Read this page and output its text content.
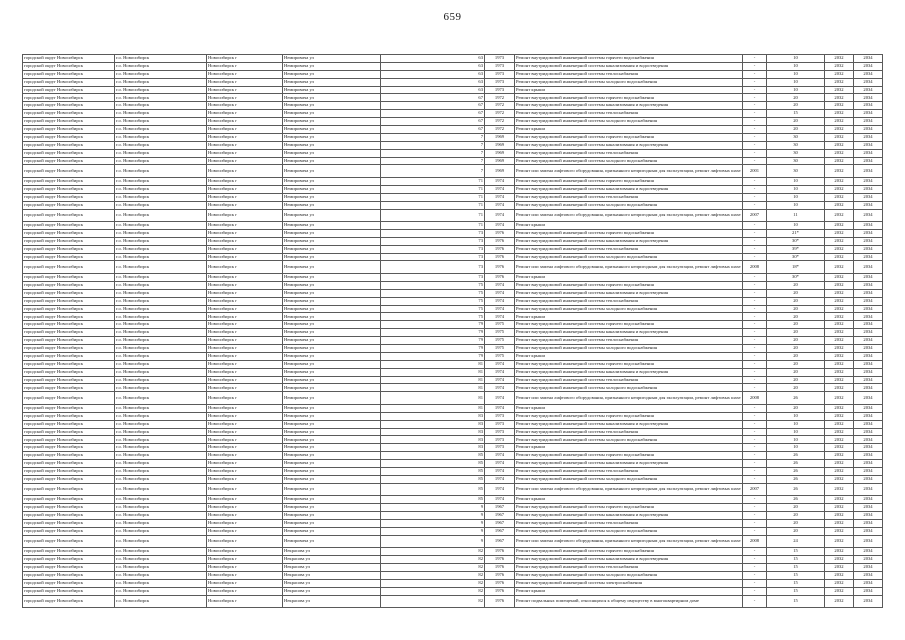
659
городской округ Новосибирск	г.о. Новосибирск	Новосибирск г	Немировича ул	63	1973	Ремонт внутридомовой инженерной системы горячего водоснабжения	-	10	2032	2034
городской округ Новосибирск	г.о. Новосибирск	Новосибирск г	Немировича ул	63	1973	Ремонт внутридомовой инженерной системы канализования и водоотведения	-	10	2032	2034
городской округ Новосибирск	г.о. Новосибирск	Новосибирск г	Немировича ул	63	1973	Ремонт внутридомовой инженерной системы теплоснабжения	-	10	2032	2034
городской округ Новосибирск	г.о. Новосибирск	Новосибирск г	Немировича ул	63	1973	Ремонт внутридомовой инженерной системы холодного водоснабжения	-	10	2032	2034
городской округ Новосибирск	г.о. Новосибирск	Новосибирск г	Немировича ул	63	1973	Ремонт крыши	-	10	2032	2034
городской округ Новосибирск	г.о. Новосибирск	Новосибирск г	Немировича ул	67	1972	Ремонт внутридомовой инженерной системы горячего водоснабжения	-	20	2032	2034
городской округ Новосибирск	г.о. Новосибирск	Новосибирск г	Немировича ул	67	1972	Ремонт внутридомовой инженерной системы канализования и водоотведения	-	20	2032	2034
городской округ Новосибирск	г.о. Новосибирск	Новосибирск г	Немировича ул	67	1972	Ремонт внутридомовой инженерной системы теплоснабжения	-	15	2032	2034
городской округ Новосибирск	г.о. Новосибирск	Новосибирск г	Немировича ул	67	1972	Ремонт внутридомовой инженерной системы холодного водоснабжения	-	20	2032	2034
городской округ Новосибирск	г.о. Новосибирск	Новосибирск г	Немировича ул	67	1972	Ремонт крыши	-	20	2032	2034
городской округ Новосибирск	г.о. Новосибирск	Новосибирск г	Немировича ул	7	1969	Ремонт внутридомовой инженерной системы горячего водоснабжения	-	30	2032	2034
городской округ Новосибирск	г.о. Новосибирск	Новосибирск г	Немировича ул	7	1969	Ремонт внутридомовой инженерной системы канализования и водоотведения	-	30	2032	2034
городской округ Новосибирск	г.о. Новосибирск	Новосибирск г	Немировича ул	7	1969	Ремонт внутридомовой инженерной системы теплоснабжения	-	30	2032	2034
городской округ Новосибирск	г.о. Новосибирск	Новосибирск г	Немировича ул	7	1969	Ремонт внутридомовой инженерной системы холодного водоснабжения	-	30	2032	2034
городской округ Новосибирск	г.о. Новосибирск	Новосибирск г	Немировича ул	7	1969	Ремонт или замена лифтового оборудования, признанного непригодным для эксплуатации, ремонт лифтовых шахт	2001	30	2032	2034
городской округ Новосибирск	г.о. Новосибирск	Новосибирск г	Немировича ул	71	1974	Ремонт внутридомовой инженерной системы горячего водоснабжения	-	10	2032	2034
городской округ Новосибирск	г.о. Новосибирск	Новосибирск г	Немировича ул	71	1974	Ремонт внутридомовой инженерной системы канализования и водоотведения	-	10	2032	2034
городской округ Новосибирск	г.о. Новосибирск	Новосибирск г	Немировича ул	71	1974	Ремонт внутридомовой инженерной системы теплоснабжения	-	10	2032	2034
городской округ Новосибирск	г.о. Новосибирск	Новосибирск г	Немировича ул	71	1974	Ремонт внутридомовой инженерной системы холодного водоснабжения	-	10	2032	2034
городской округ Новосибирск	г.о. Новосибирск	Новосибирск г	Немировича ул	71	1974	Ремонт или замена лифтового оборудования, признанного непригодным для эксплуатации, ремонт лифтовых шахт	2007	11	2032	2034
городской округ Новосибирск	г.о. Новосибирск	Новосибирск г	Немировича ул	71	1974	Ремонт крыши	-	10	2032	2034
городской округ Новосибирск	г.о. Новосибирск	Новосибирск г	Немировича ул	73	1976	Ремонт внутридомовой инженерной системы горячего водоснабжения	-	21*	2032	2034
городской округ Новосибирск	г.о. Новосибирск	Новосибирск г	Немировича ул	73	1976	Ремонт внутридомовой инженерной системы канализования и водоотведения	-	30*	2032	2034
городской округ Новосибирск	г.о. Новосибирск	Новосибирск г	Немировича ул	73	1976	Ремонт внутридомовой инженерной системы теплоснабжения	-	39*	2032	2034
городской округ Новосибирск	г.о. Новосибирск	Новосибирск г	Немировича ул	73	1976	Ремонт внутридомовой инженерной системы холодного водоснабжения	-	30*	2032	2034
городской округ Новосибирск	г.о. Новосибирск	Новосибирск г	Немировича ул	73	1976	Ремонт или замена лифтового оборудования, признанного непригодным для эксплуатации, ремонт лифтовых шахт	2008	18*	2032	2034
городской округ Новосибирск	г.о. Новосибирск	Новосибирск г	Немировича ул	73	1976	Ремонт крыши	-	30*	2032	2034
городской округ Новосибирск	г.о. Новосибирск	Новосибирск г	Немировича ул	75	1974	Ремонт внутридомовой инженерной системы горячего водоснабжения	-	20	2032	2034
городской округ Новосибирск	г.о. Новосибирск	Новосибирск г	Немировича ул	75	1974	Ремонт внутридомовой инженерной системы канализования и водоотведения	-	20	2032	2034
городской округ Новосибирск	г.о. Новосибирск	Новосибирск г	Немировича ул	75	1974	Ремонт внутридомовой инженерной системы теплоснабжения	-	20	2032	2034
городской округ Новосибирск	г.о. Новосибирск	Новосибирск г	Немировича ул	75	1974	Ремонт внутридомовой инженерной системы холодного водоснабжения	-	20	2032	2034
городской округ Новосибирск	г.о. Новосибирск	Новосибирск г	Немировича ул	75	1974	Ремонт крыши	-	20	2032	2034
городской округ Новосибирск	г.о. Новосибирск	Новосибирск г	Немировича ул	79	1975	Ремонт внутридомовой инженерной системы горячего водоснабжения	-	20	2032	2034
городской округ Новосибирск	г.о. Новосибирск	Новосибирск г	Немировича ул	79	1975	Ремонт внутридомовой инженерной системы канализования и водоотведения	-	20	2032	2034
городской округ Новосибирск	г.о. Новосибирск	Новосибирск г	Немировича ул	79	1975	Ремонт внутридомовой инженерной системы теплоснабжения	-	20	2032	2034
городской округ Новосибирск	г.о. Новосибирск	Новосибирск г	Немировича ул	79	1975	Ремонт внутридомовой инженерной системы холодного водоснабжения	-	20	2032	2034
городской округ Новосибирск	г.о. Новосибирск	Новосибирск г	Немировича ул	79	1975	Ремонт крыши	-	20	2032	2034
городской округ Новосибирск	г.о. Новосибирск	Новосибирск г	Немировича ул	81	1974	Ремонт внутридомовой инженерной системы горячего водоснабжения	-	20	2032	2034
городской округ Новосибирск	г.о. Новосибирск	Новосибирск г	Немировича ул	81	1974	Ремонт внутридомовой инженерной системы канализования и водоотведения	-	20	2032	2034
городской округ Новосибирск	г.о. Новосибирск	Новосибирск г	Немировича ул	81	1974	Ремонт внутридомовой инженерной системы теплоснабжения	-	20	2032	2034
городской округ Новосибирск	г.о. Новосибирск	Новосибирск г	Немировича ул	81	1974	Ремонт внутридомовой инженерной системы холодного водоснабжения	-	20	2032	2034
городской округ Новосибирск	г.о. Новосибирск	Новосибирск г	Немировича ул	81	1974	Ремонт или замена лифтового оборудования, признанного непригодным для эксплуатации, ремонт лифтовых шахт	2008	26	2032	2034
городской округ Новосибирск	г.о. Новосибирск	Новосибирск г	Немировича ул	81	1974	Ремонт крыши	-	20	2032	2034
городской округ Новосибирск	г.о. Новосибирск	Новосибирск г	Немировича ул	83	1973	Ремонт внутридомовой инженерной системы горячего водоснабжения	-	10	2032	2034
городской округ Новосибирск	г.о. Новосибирск	Новосибирск г	Немировича ул	83	1973	Ремонт внутридомовой инженерной системы канализования и водоотведения	-	10	2032	2034
городской округ Новосибирск	г.о. Новосибирск	Новосибирск г	Немировича ул	83	1973	Ремонт внутридомовой инженерной системы теплоснабжения	-	10	2032	2034
городской округ Новосибирск	г.о. Новосибирск	Новосибирск г	Немировича ул	83	1973	Ремонт внутридомовой инженерной системы холодного водоснабжения	-	10	2032	2034
городской округ Новосибирск	г.о. Новосибирск	Новосибирск г	Немировича ул	83	1973	Ремонт крыши	-	10	2032	2034
городской округ Новосибирск	г.о. Новосибирск	Новосибирск г	Немировича ул	85	1974	Ремонт внутридомовой инженерной системы горячего водоснабжения	-	26	2032	2034
городской округ Новосибирск	г.о. Новосибирск	Новосибирск г	Немировича ул	85	1974	Ремонт внутридомовой инженерной системы канализования и водоотведения	-	26	2032	2034
городской округ Новосибирск	г.о. Новосибирск	Новосибирск г	Немировича ул	85	1974	Ремонт внутридомовой инженерной системы теплоснабжения	-	26	2032	2034
городской округ Новосибирск	г.о. Новосибирск	Новосибирск г	Немировича ул	85	1974	Ремонт внутридомовой инженерной системы холодного водоснабжения	-	26	2032	2034
городской округ Новосибирск	г.о. Новосибирск	Новосибирск г	Немировича ул	85	1974	Ремонт или замена лифтового оборудования, признанного непригодным для эксплуатации, ремонт лифтовых шахт	2007	26	2032	2034
городской округ Новосибирск	г.о. Новосибирск	Новосибирск г	Немировича ул	85	1974	Ремонт крыши	-	26	2032	2034
городской округ Новосибирск	г.о. Новосибирск	Новосибирск г	Немировича ул	9	1967	Ремонт внутридомовой инженерной системы горячего водоснабжения	-	20	2032	2034
городской округ Новосибирск	г.о. Новосибирск	Новосибирск г	Немировича ул	9	1967	Ремонт внутридомовой инженерной системы канализования и водоотведения	-	20	2032	2034
городской округ Новосибирск	г.о. Новосибирск	Новосибирск г	Немировича ул	9	1967	Ремонт внутридомовой инженерной системы теплоснабжения	-	20	2032	2034
городской округ Новосибирск	г.о. Новосибирск	Новосибирск г	Немировича ул	9	1967	Ремонт внутридомовой инженерной системы холодного водоснабжения	-	20	2032	2034
городской округ Новосибирск	г.о. Новосибирск	Новосибирск г	Немировича ул	9	1967	Ремонт или замена лифтового оборудования, признанного непригодным для эксплуатации, ремонт лифтовых шахт	2008	24	2032	2034
городской округ Новосибирск	г.о. Новосибирск	Новосибирск г	Некрасова ул	82	1976	Ремонт внутридомовой инженерной системы горячего водоснабжения	-	15	2032	2034
городской округ Новосибирск	г.о. Новосибирск	Новосибирск г	Некрасова ул	82	1976	Ремонт внутридомовой инженерной системы канализования и водоотведения	-	15	2032	2034
городской округ Новосибирск	г.о. Новосибирск	Новосибирск г	Некрасова ул	82	1976	Ремонт внутридомовой инженерной системы теплоснабжения	-	15	2032	2034
городской округ Новосибирск	г.о. Новосибирск	Новосибирск г	Некрасова ул	82	1976	Ремонт внутридомовой инженерной системы холодного водоснабжения	-	15	2032	2034
городской округ Новосибирск	г.о. Новосибирск	Новосибирск г	Некрасова ул	82	1976	Ремонт внутридомовой инженерной системы электроснабжения	-	15	2032	2034
городской округ Новосибирск	г.о. Новосибирск	Новосибирск г	Некрасова ул	82	1976	Ремонт крыши	-	15	2032	2034
городской округ Новосибирск	г.о. Новосибирск	Новосибирск г	Некрасова ул	82	1976	Ремонт подвальных помещений, относящихся к общему имуществу в многоквартирном доме	-	15	2032	2034
